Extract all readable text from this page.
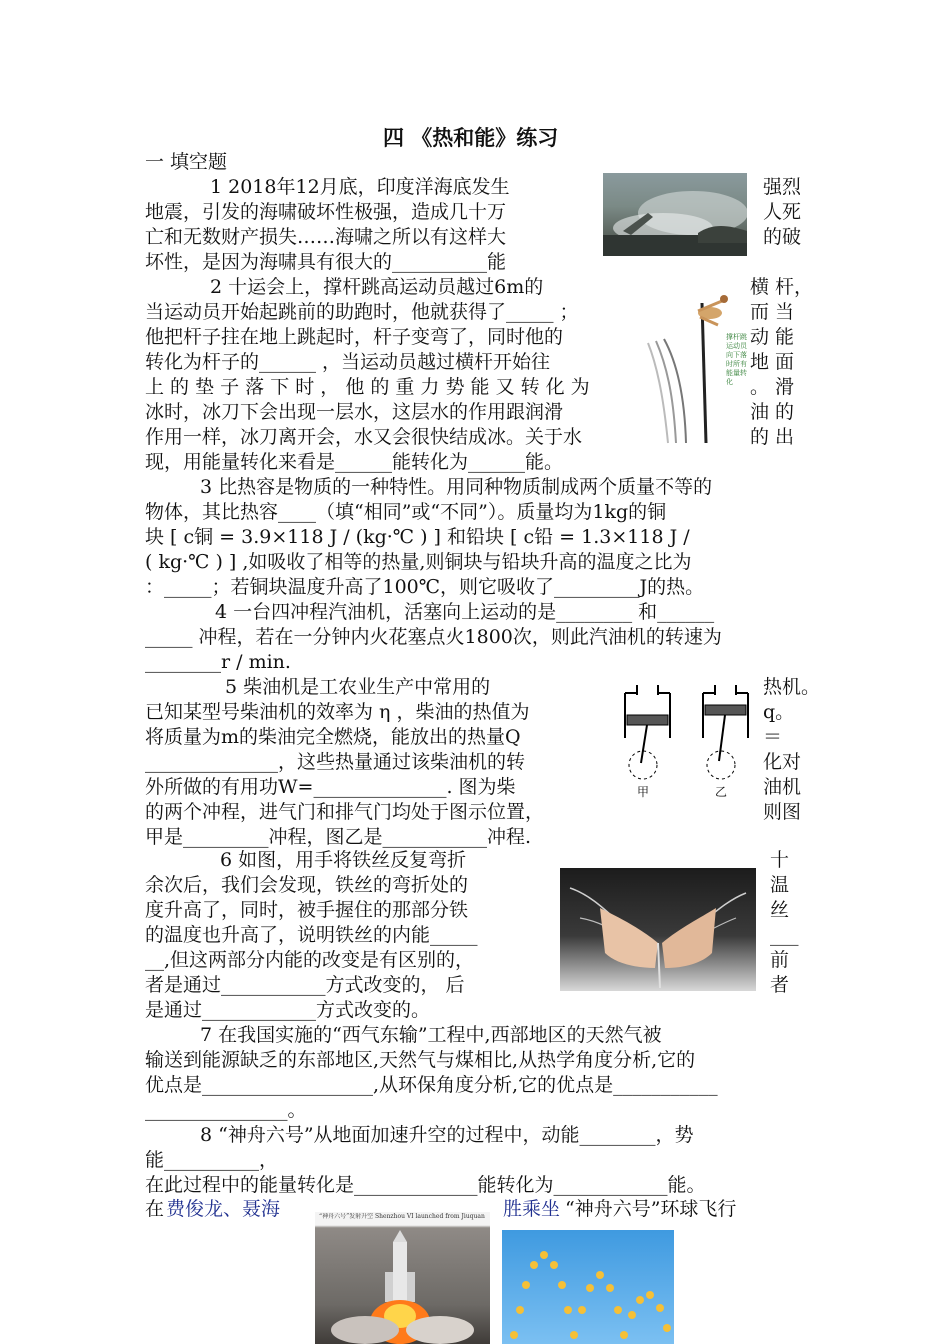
四 《热和能》练习
一 填空题
1 2018年12月底，印度洋海底发生	强烈
地震，引发的海啸破坏性极强，造成几十万	人死
亡和无数财产损失……海啸之所以有这样大	的破
坏性，是因为海啸具有很大的__________能
2 十运会上，撑杆跳高运动员越过6m的	横 杆，
当运动员开始起跳前的助跑时，他就获得了_____ ；	而 当
他把杆子拄在地上跳起时，杆子变弯了，同时他的	动 能
转化为杆子的______ ，当运动员越过横杆开始往	地 面
上 的 垫 子 落 下 时 ， 他 的 重 力 势 能 又 转 化 为	。 滑
冰时，冰刀下会出现一层水，这层水的作用跟润滑	油 的
作用一样，冰刀离开会，水又会很快结成冰。关于水	的 出
现，用能量转化来看是______能转化为______能。
撑杆跳运动员向下落时所有能量转化
3 比热容是物质的一种特性。用同种物质制成两个质量不等的
物体，其比热容____（填“相同”或“不同”）。质量均为1kg的铜
块 [ c铜 = 3.9×118 J / (kg·℃ ) ] 和铅块 [ c铅 = 1.3×118 J /
( kg·℃ ) ] ,如吸收了相等的热量,则铜块与铅块升高的温度之比为
：_____；若铜块温度升高了100℃，则它吸收了_________J的热。
4 一台四冲程汽油机，活塞向上运动的是________ 和______
_____ 冲程，若在一分钟内火花塞点火1800次，则此汽油机的转速为
________r / min.
5 柴油机是工农业生产中常用的	热机。
已知某型号柴油机的效率为 η ，柴油的热值为	q。
将质量为m的柴油完全燃烧，能放出的热量Q	＝
______________，这些热量通过该柴油机的转	化对
外所做的有用功W=______________. 图为柴	油机
的两个冲程，进气门和排气门均处于图示位置，	则图
甲是_________冲程，图乙是___________冲程.
甲	乙
6 如图，用手将铁丝反复弯折	十
余次后，我们会发现，铁丝的弯折处的	温
度升高了，同时，被手握住的那部分铁	丝
的温度也升高了，说明铁丝的内能_____	___
__,但这两部分内能的改变是有区别的，	前
者是通过___________方式改变的， 后	者
是通过____________方式改变的。
7 在我国实施的“西气东输”工程中,西部地区的天然气被
输送到能源缺乏的东部地区,天然气与煤相比,从热学角度分析,它的
优点是__________________,从环保角度分析,它的优点是___________
_______________。
8 “神舟六号”从地面加速升空的过程中，动能________，势
能__________，
在此过程中的能量转化是_____________能转化为____________能。
在 费俊龙、聂海	胜乘坐 “神舟六号”环球飞行
“神舟六号”发射升空 Shenzhou VI launched from Jiuquan
